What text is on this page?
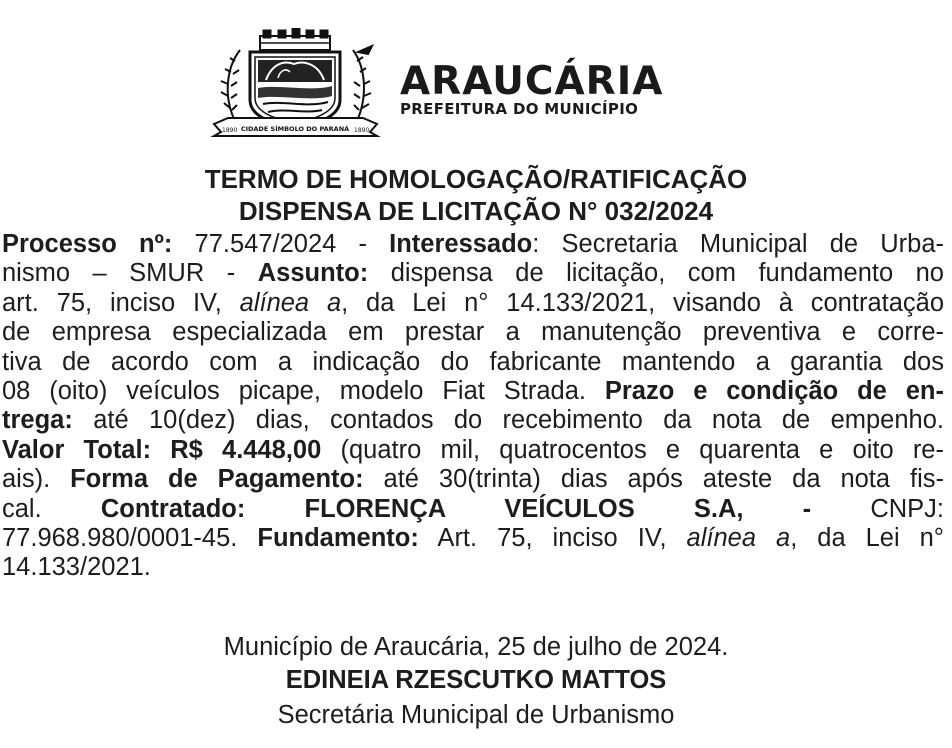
1890 CIDADE SÍMBOLO DO PARANÁ 1890
ARAUCÁRIA
PREFEITURA DO MUNICÍPIO
TERMO DE HOMOLOGAÇÃO/RATIFICAÇÃO
DISPENSA DE LICITAÇÃO N° 032/2024
Processo nº: 77.547/2024 - Interessado: Secretaria Municipal de Urba-
nismo – SMUR - Assunto: dispensa de licitação, com fundamento no
art. 75, inciso IV, alínea a, da Lei n° 14.133/2021, visando à contratação
de empresa especializada em prestar a manutenção preventiva e corre-
tiva de acordo com a indicação do fabricante mantendo a garantia dos
08 (oito) veículos picape, modelo Fiat Strada. Prazo e condição de en-
trega: até 10(dez) dias, contados do recebimento da nota de empenho.
Valor Total: R$ 4.448,00 (quatro mil, quatrocentos e quarenta e oito re-
ais). Forma de Pagamento: até 30(trinta) dias após ateste da nota fis-
cal. Contratado: FLORENÇA VEÍCULOS S.A, - CNPJ:
77.968.980/0001-45. Fundamento: Art. 75, inciso IV, alínea a, da Lei n°
14.133/2021.
Município de Araucária, 25 de julho de 2024.
EDINEIA RZESCUTKO MATTOS
Secretária Municipal de Urbanismo
